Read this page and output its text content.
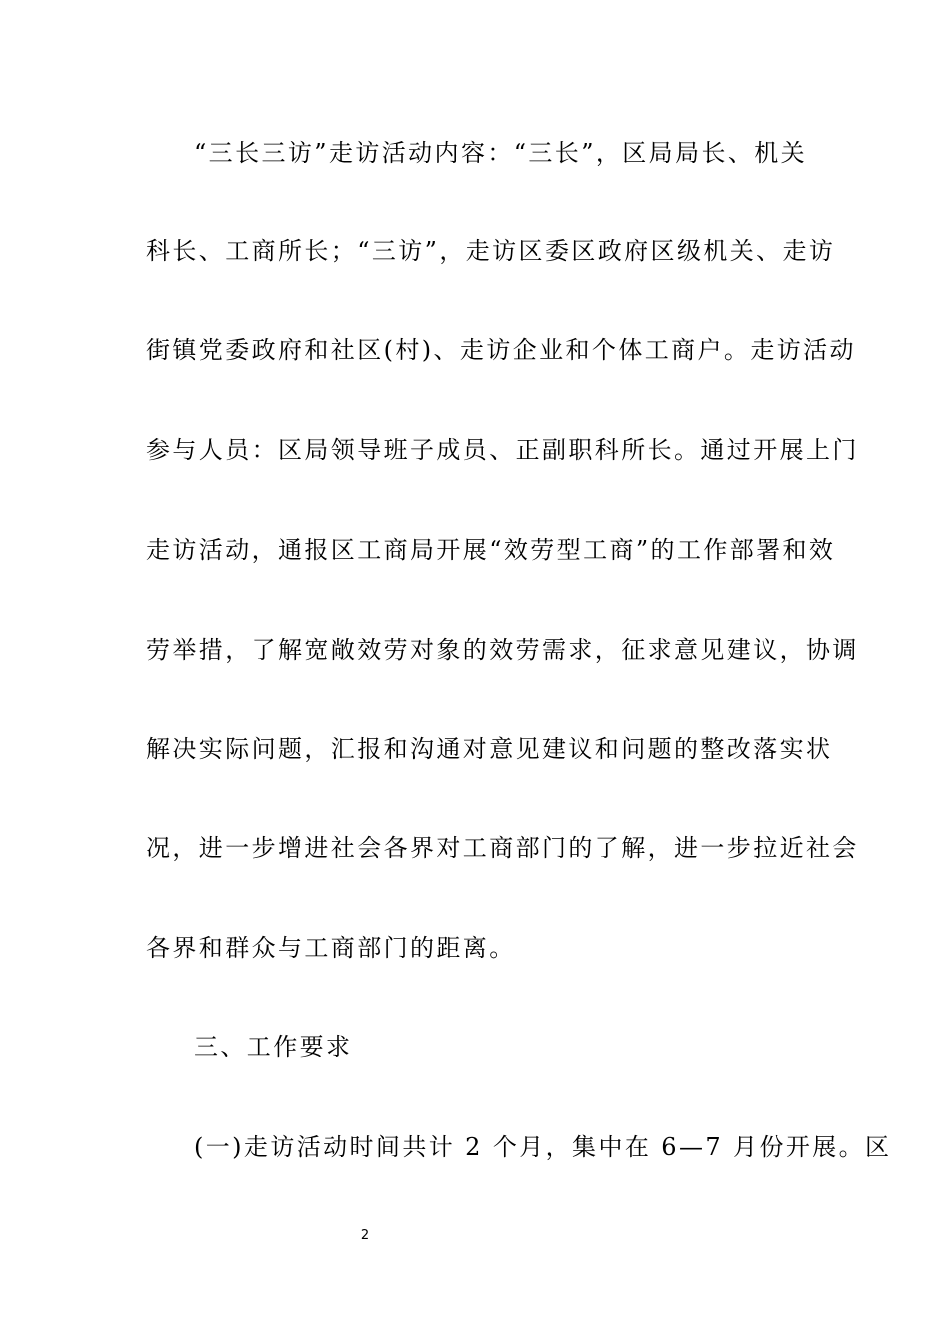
“三长三访”走访活动内容：“三长”，区局局长、机关
科长、工商所长；“三访”，走访区委区政府区级机关、走访
街镇党委政府和社区(村)、走访企业和个体工商户。走访活动
参与人员：区局领导班子成员、正副职科所长。通过开展上门
走访活动，通报区工商局开展“效劳型工商”的工作部署和效
劳举措，了解宽敞效劳对象的效劳需求，征求意见建议，协调
解决实际问题，汇报和沟通对意见建议和问题的整改落实状
况，进一步增进社会各界对工商部门的了解，进一步拉近社会
各界和群众与工商部门的距离。
三、工作要求
(一)走访活动时间共计 2 个月，集中在 6—7 月份开展。区
2
